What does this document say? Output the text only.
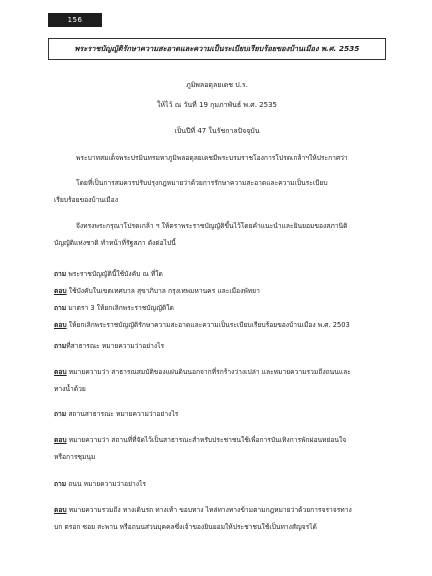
156
พระราชบัญญัติรักษาความสะอาดและความเป็นระเบียบเรียบร้อยของบ้านเมือง พ.ศ. 2535
ภูมิพลอดุลยเดช ป.ร.
ให้ไว้ ณ วันที่ 19 กุมภาพันธ์ พ.ศ. 2535
เป็นปีที่ 47 ในรัชกาลปัจจุบัน
พระบาทสมเด็จพระปรมินทรมหาภูมิพลอดุลยเดชมีพระบรมราชโองการโปรดเกล้าฯให้ประกาศว่า
โดยที่เป็นการสมควรปรับปรุงกฎหมายว่าด้วยการรักษาความสะอาดและความเป็นระเบียบ
เรียบร้อยของบ้านเมือง
จึงทรงพระกรุณาโปรดเกล้า ฯ ให้ตราพระราชบัญญัติขึ้นไว้โดยคำแนะนำและยินยอมของสภานิติ
บัญญัติแห่งชาติ ทำหน้าที่รัฐสภา ดังต่อไปนี้
ถาม พระราชบัญญัตินี้ใช้บังคับ ณ ที่ใด
ตอบ ใช้บังคับในเขตเทศบาล สุขาภิบาล กรุงเทพมหานคร และเมืองพัทยา
ถาม มาตรา 3 ให้ยกเลิกพระราชบัญญัติใด
ตอบ ให้ยกเลิกพระราชบัญญัติรักษาความสะอาดและความเป็นระเบียบเรียบร้อยของบ้านเมือง พ.ศ. 2503
ถามที่สาธารณะ หมายความว่าอย่างไร
ตอบ หมายความว่า สาธารณสมบัติของแผ่นดินนอกจากที่รกร้างว่างเปล่า และหมายความรวมถึงถนนและ
ทางน้ำด้วย
ถาม สถานสาธารณะ หมายความว่าอย่างไร
ตอบ หมายความว่า สถานที่ที่จัดไว้เป็นสาธารณะสำหรับประชาชนใช้เพื่อการบันเทิงการพักผ่อนหย่อนใจ
หรือการชุมนุม
ถาม ถนน หมายความว่าอย่างไร
ตอบ หมายความรวมถึง ทางเดินรถ ทางเท้า ขอบทาง ไหล่ทางทางข้ามตามกฎหมายว่าด้วยการจราจรทาง
บก ตรอก ซอย สะพาน หรือถนนส่วนบุคคลซึ่งเจ้าของยินยอมให้ประชาชนใช้เป็นทางสัญจรได้
